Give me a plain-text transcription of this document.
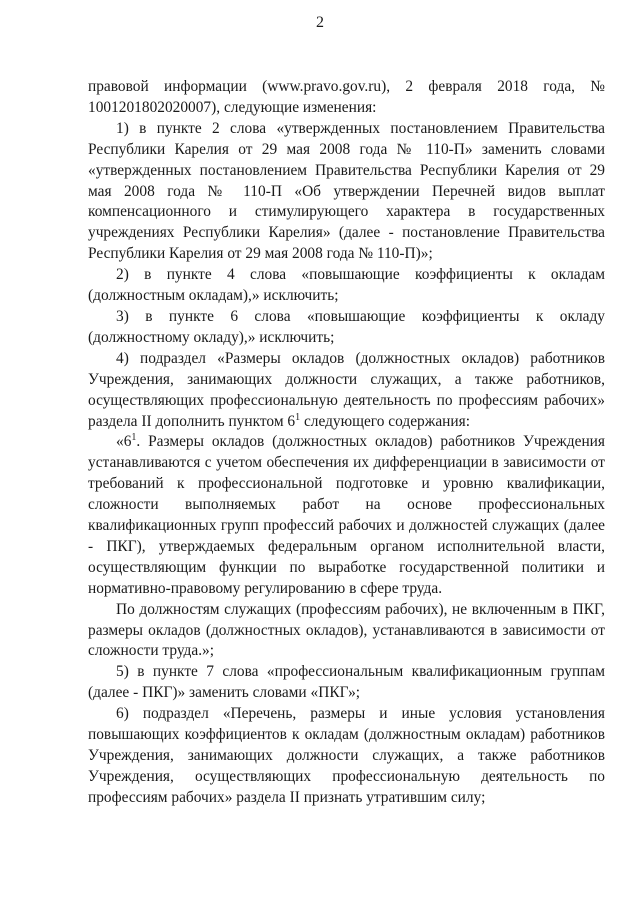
2

правовой информации (www.pravo.gov.ru), 2 февраля 2018 года, № 1001201802020007), следующие изменения:

1) в пункте 2 слова «утвержденных постановлением Правительства Республики Карелия от 29 мая 2008 года № 110-П» заменить словами «утвержденных постановлением Правительства Республики Карелия от 29 мая 2008 года № 110-П «Об утверждении Перечней видов выплат компенсационного и стимулирующего характера в государственных учреждениях Республики Карелия» (далее - постановление Правительства Республики Карелия от 29 мая 2008 года № 110-П)»;

2) в пункте 4 слова «повышающие коэффициенты к окладам (должностным окладам),» исключить;

3) в пункте 6 слова «повышающие коэффициенты к окладу (должностному окладу),» исключить;

4) подраздел «Размеры окладов (должностных окладов) работников Учреждения, занимающих должности служащих, а также работников, осуществляющих профессиональную деятельность по профессиям рабочих» раздела II дополнить пунктом $6^1$ следующего содержания:

«$6^1$. Размеры окладов (должностных окладов) работников Учреждения устанавливаются с учетом обеспечения их дифференциации в зависимости от требований к профессиональной подготовке и уровню квалификации, сложности выполняемых работ на основе профессиональных квалификационных групп профессий рабочих и должностей служащих (далее - ПКГ), утверждаемых федеральным органом исполнительной власти, осуществляющим функции по выработке государственной политики и нормативно-правовому регулированию в сфере труда.

По должностям служащих (профессиям рабочих), не включенным в ПКГ, размеры окладов (должностных окладов), устанавливаются в зависимости от сложности труда.»;

5) в пункте 7 слова «профессиональным квалификационным группам (далее - ПКГ)» заменить словами «ПКГ»;

6) подраздел «Перечень, размеры и иные условия установления повышающих коэффициентов к окладам (должностным окладам) работников Учреждения, занимающих должности служащих, а также работников Учреждения, осуществляющих профессиональную деятельность по профессиям рабочих» раздела II признать утратившим силу;
